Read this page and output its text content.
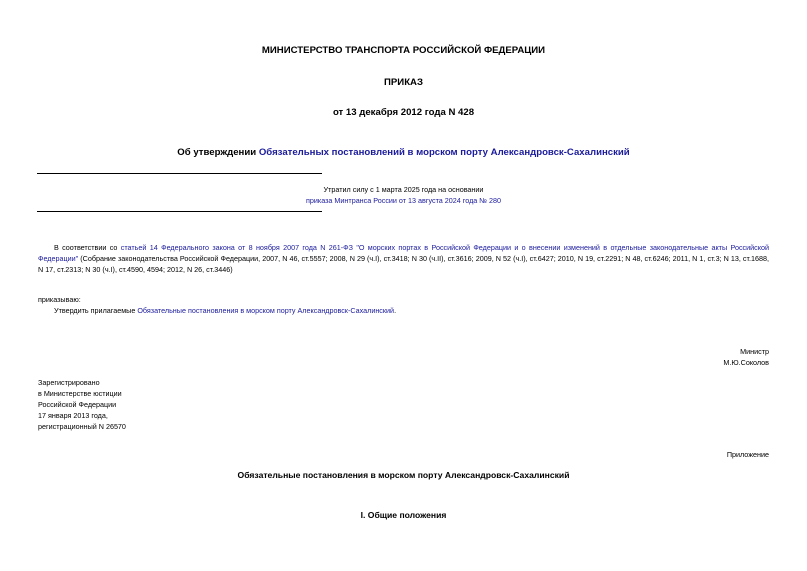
МИНИСТЕРСТВО ТРАНСПОРТА РОССИЙСКОЙ ФЕДЕРАЦИИ
ПРИКАЗ
от 13 декабря 2012 года N 428
Об утверждении Обязательных постановлений в морском порту Александровск-Сахалинский
Утратил силу с 1 марта 2025 года на основании
приказа Минтранса России от 13 августа 2024 года № 280
В соответствии со статьей 14 Федерального закона от 8 ноября 2007 года N 261-ФЗ "О морских портах в Российской Федерации и о внесении изменений в отдельные законодательные акты Российской Федерации" (Собрание законодательства Российской Федерации, 2007, N 46, ст.5557; 2008, N 29 (ч.I), ст.3418; N 30 (ч.II), ст.3616; 2009, N 52 (ч.I), ст.6427; 2010, N 19, ст.2291; N 48, ст.6246; 2011, N 1, ст.3; N 13, ст.1688, N 17, ст.2313; N 30 (ч.I), ст.4590, 4594; 2012, N 26, ст.3446)
приказываю:
Утвердить прилагаемые Обязательные постановления в морском порту Александровск-Сахалинский.
Министр
М.Ю.Соколов
Зарегистрировано
в Министерстве юстиции
Российской Федерации
17 января 2013 года,
регистрационный N 26570
Приложение
Обязательные постановления в морском порту Александровск-Сахалинский
I. Общие положения
